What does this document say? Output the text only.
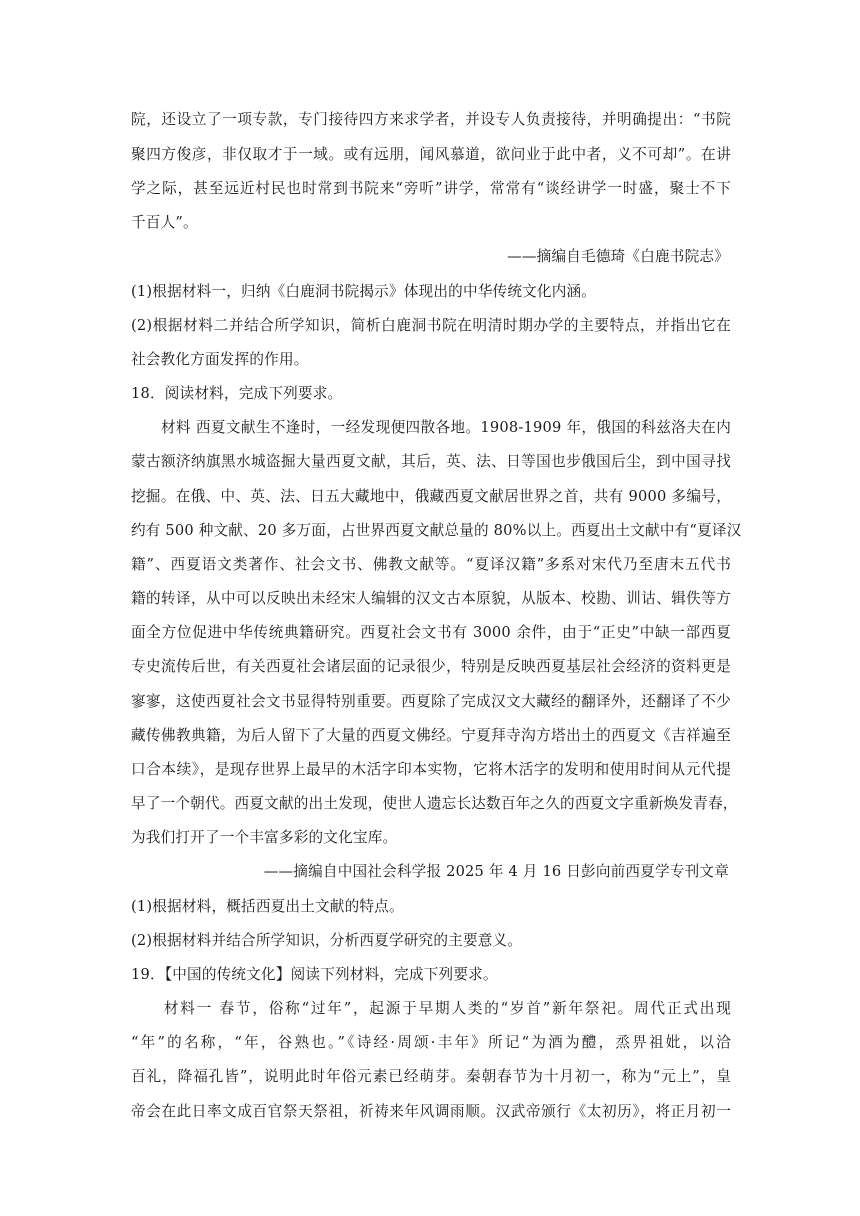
院，还设立了一项专款，专门接待四方来求学者，并设专人负责接待，并明确提出：“书院
聚四方俊彦，非仅取才于一域。或有远朋，闻风慕道，欲问业于此中者，义不可却”。在讲
学之际，甚至远近村民也时常到书院来“旁听”讲学，常常有“谈经讲学一时盛，聚士不下
千百人”。
——摘编自毛德琦《白鹿书院志》
(1)根据材料一，归纳《白鹿洞书院揭示》体现出的中华传统文化内涵。
(2)根据材料二并结合所学知识，简析白鹿洞书院在明清时期办学的主要特点，并指出它在
社会教化方面发挥的作用。
18．阅读材料，完成下列要求。
　　材料 西夏文献生不逢时，一经发现便四散各地。1908-1909 年，俄国的科兹洛夫在内
蒙古额济纳旗黑水城盗掘大量西夏文献，其后，英、法、日等国也步俄国后尘，到中国寻找
挖掘。在俄、中、英、法、日五大藏地中，俄藏西夏文献居世界之首，共有 9000 多编号，
约有 500 种文献、20 多万面，占世界西夏文献总量的 80%以上。西夏出土文献中有“夏译汉
籍”、西夏语文类著作、社会文书、佛教文献等。“夏译汉籍”多系对宋代乃至唐末五代书
籍的转译，从中可以反映出未经宋人编辑的汉文古本原貌，从版本、校勘、训诂、辑佚等方
面全方位促进中华传统典籍研究。西夏社会文书有 3000 余件，由于“正史”中缺一部西夏
专史流传后世，有关西夏社会诸层面的记录很少，特别是反映西夏基层社会经济的资料更是
寥寥，这使西夏社会文书显得特别重要。西夏除了完成汉文大藏经的翻译外，还翻译了不少
藏传佛教典籍，为后人留下了大量的西夏文佛经。宁夏拜寺沟方塔出土的西夏文《吉祥遍至
口合本续》，是现存世界上最早的木活字印本实物，它将木活字的发明和使用时间从元代提
早了一个朝代。西夏文献的出土发现，使世人遗忘长达数百年之久的西夏文字重新焕发青春，
为我们打开了一个丰富多彩的文化宝库。
——摘编自中国社会科学报 2025 年 4 月 16 日彭向前西夏学专刊文章
(1)根据材料，概括西夏出土文献的特点。
(2)根据材料并结合所学知识，分析西夏学研究的主要意义。
19．【中国的传统文化】阅读下列材料，完成下列要求。
　　材料一 春节，俗称“过年”，起源于早期人类的“岁首”新年祭祀。周代正式出现
“年”的名称，“年，谷熟也。”《诗经·周颂·丰年》所记“为酒为醴，烝畀祖妣，以洽
百礼，降福孔皆”，说明此时年俗元素已经萌芽。秦朝春节为十月初一，称为“元上”，皇
帝会在此日率文成百官祭天祭祖，祈祷来年风调雨顺。汉武帝颁行《太初历》，将正月初一
